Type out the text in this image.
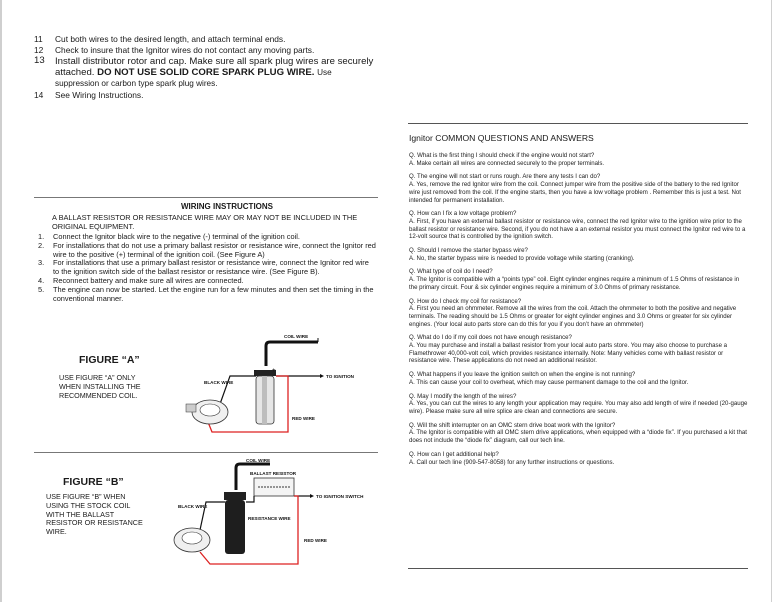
11	Cut both wires to the desired length, and attach terminal ends.
12	Check to insure that the Ignitor wires do not contact any moving parts.
13	Install distributor rotor and cap. Make sure all spark plug wires are securely attached. DO NOT USE SOLID CORE SPARK PLUG WIRE. Use suppression or carbon type spark plug wires.
14	See Wiring Instructions.
WIRING INSTRUCTIONS
A BALLAST RESISTOR OR RESISTANCE WIRE MAY OR MAY NOT BE INCLUDED IN THE ORIGINAL EQUIPMENT.
1.	Connect the Ignitor black wire to the negative (-) terminal of the ignition coil.
2.	For installations that do not use a primary ballast resistor or resistance wire, connect the Ignitor red wire to the positive (+) terminal of the ignition coil. (See Figure A)
3.	For installations that use a primary ballast resistor or resistance wire, connect the Ignitor red wire to the ignition switch side of the ballast resistor or resistance wire. (See Figure B).
4.	Reconnect battery and make sure all wires are connected.
5.	The engine can now be started. Let the engine run for a few minutes and then set the timing in the conventional manner.
FIGURE “A”
USE FIGURE “A” ONLY WHEN INSTALLING THE RECOMMENDED COIL.
COIL WIRE
-	+
TO IGNITION
BLACK WIRE
RED WIRE
FIGURE “B”
USE FIGURE “B” WHEN USING THE STOCK COIL WITH THE BALLAST RESISTOR OR RESISTANCE WIRE.
COIL WIRE
BALLAST RESISTOR
TO IGNITION SWITCH
RESISTANCE WIRE
BLACK WIRE
RED WIRE
Ignitor COMMON QUESTIONS AND ANSWERS
Q. What is the first thing I should check if the engine would not start?
A. Make certain all wires are connected securely to the proper terminals.
Q. The engine will not start or runs rough. Are there any tests I can do?
A. Yes, remove the red Ignitor wire from the coil. Connect jumper wire from the positive side of the battery to the red Ignitor wire just removed from the coil. If the engine starts, then you have a low voltage problem . Remember this is just a test. Not intended for permanent installation.
Q. How can I fix a low voltage problem?
A. First, if you have an external ballast resistor or resistance wire, connect the red Ignitor wire to the ignition wire prior to the ballast resistor or resistance wire. Second, if you do not have a an external resistor you must connect the Ignitor red wire to a 12-volt source that is controlled by the ignition switch.
Q. Should I remove the starter bypass wire?
A. No, the starter bypass wire is needed to provide voltage while starting (cranking).
Q. What type of coil do I need?
A. The Ignitor is compatible with a “points type” coil. Eight cylinder engines require a minimum of 1.5 Ohms of resistance in the primary circuit. Four & six cylinder engines require a minimum of 3.0 Ohms of primary resistance.
Q. How do I check my coil for resistance?
A. First you need an ohmmeter. Remove all the wires from the coil. Attach the ohmmeter to both the positive and negative terminals. The reading should be 1.5 Ohms or greater for eight cylinder engines and 3.0 Ohms or greater for six cylinder engines. (Your local auto parts store can do this for you if you don’t have an ohmmeter)
Q. What do I do if my coil does not have enough resistance?
A. You may purchase and install a ballast resistor from your local auto parts store. You may also choose to purchase a Flamethrower 40,000-volt coil, which provides resistance internally. Note: Many vehicles come with ballast resistor or resistance wire. These applications do not need an additional resistor.
Q. What happens if you leave the ignition switch on when the engine is not running?
A. This can cause your coil to overheat, which may cause permanent damage to the coil and the Ignitor.
Q. May I modify the length of the wires?
A. Yes, you can cut the wires to any length your application may require. You may also add length of wire if needed (20-gauge wire). Please make sure all wire splice are clean and connections are secure.
Q. Will the shift interrupter on an OMC stern drive boat work with the Ignitor?
A. The Ignitor is compatible with all OMC stern drive applications, when equipped with a “diode fix”. If you purchased a kit that does not include the “diode fix” diagram, call our tech line.
Q. How can I get additional help?
A. Call our tech line (909-547-8058) for any further instructions or questions.
